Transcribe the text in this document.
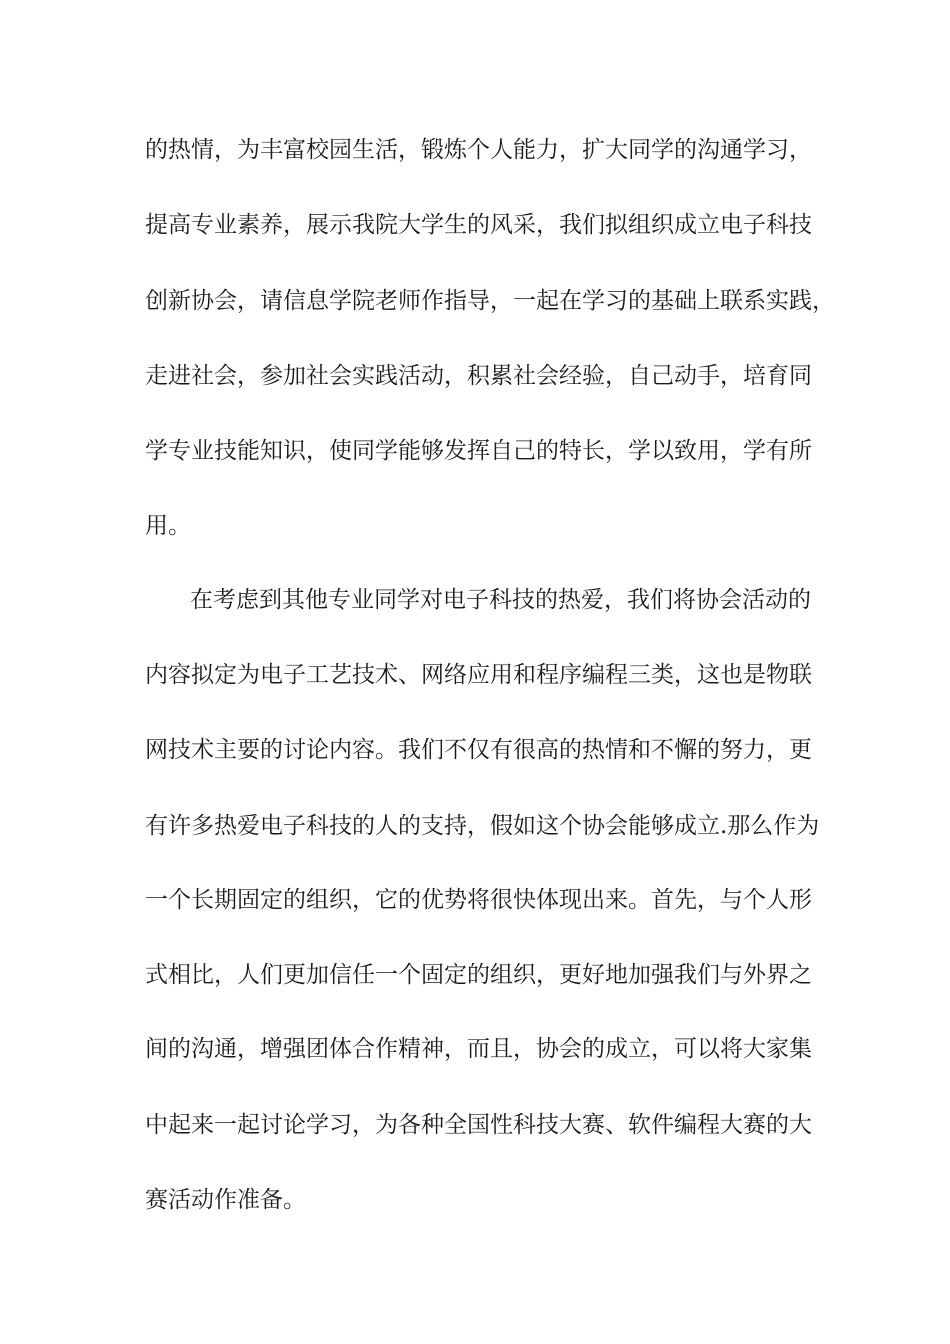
的热情，为丰富校园生活，锻炼个人能力，扩大同学的沟通学习，
提高专业素养，展示我院大学生的风采，我们拟组织成立电子科技
创新协会，请信息学院老师作指导，一起在学习的基础上联系实践，
走进社会，参加社会实践活动，积累社会经验，自己动手，培育同
学专业技能知识，使同学能够发挥自己的特长，学以致用，学有所
用。
在考虑到其他专业同学对电子科技的热爱，我们将协会活动的
内容拟定为电子工艺技术、网络应用和程序编程三类，这也是物联
网技术主要的讨论内容。我们不仅有很高的热情和不懈的努力，更
有许多热爱电子科技的人的支持，假如这个协会能够成立.那么作为
一个长期固定的组织，它的优势将很快体现出来。首先，与个人形
式相比，人们更加信任一个固定的组织，更好地加强我们与外界之
间的沟通，增强团体合作精神，而且，协会的成立，可以将大家集
中起来一起讨论学习，为各种全国性科技大赛、软件编程大赛的大
赛活动作准备。
